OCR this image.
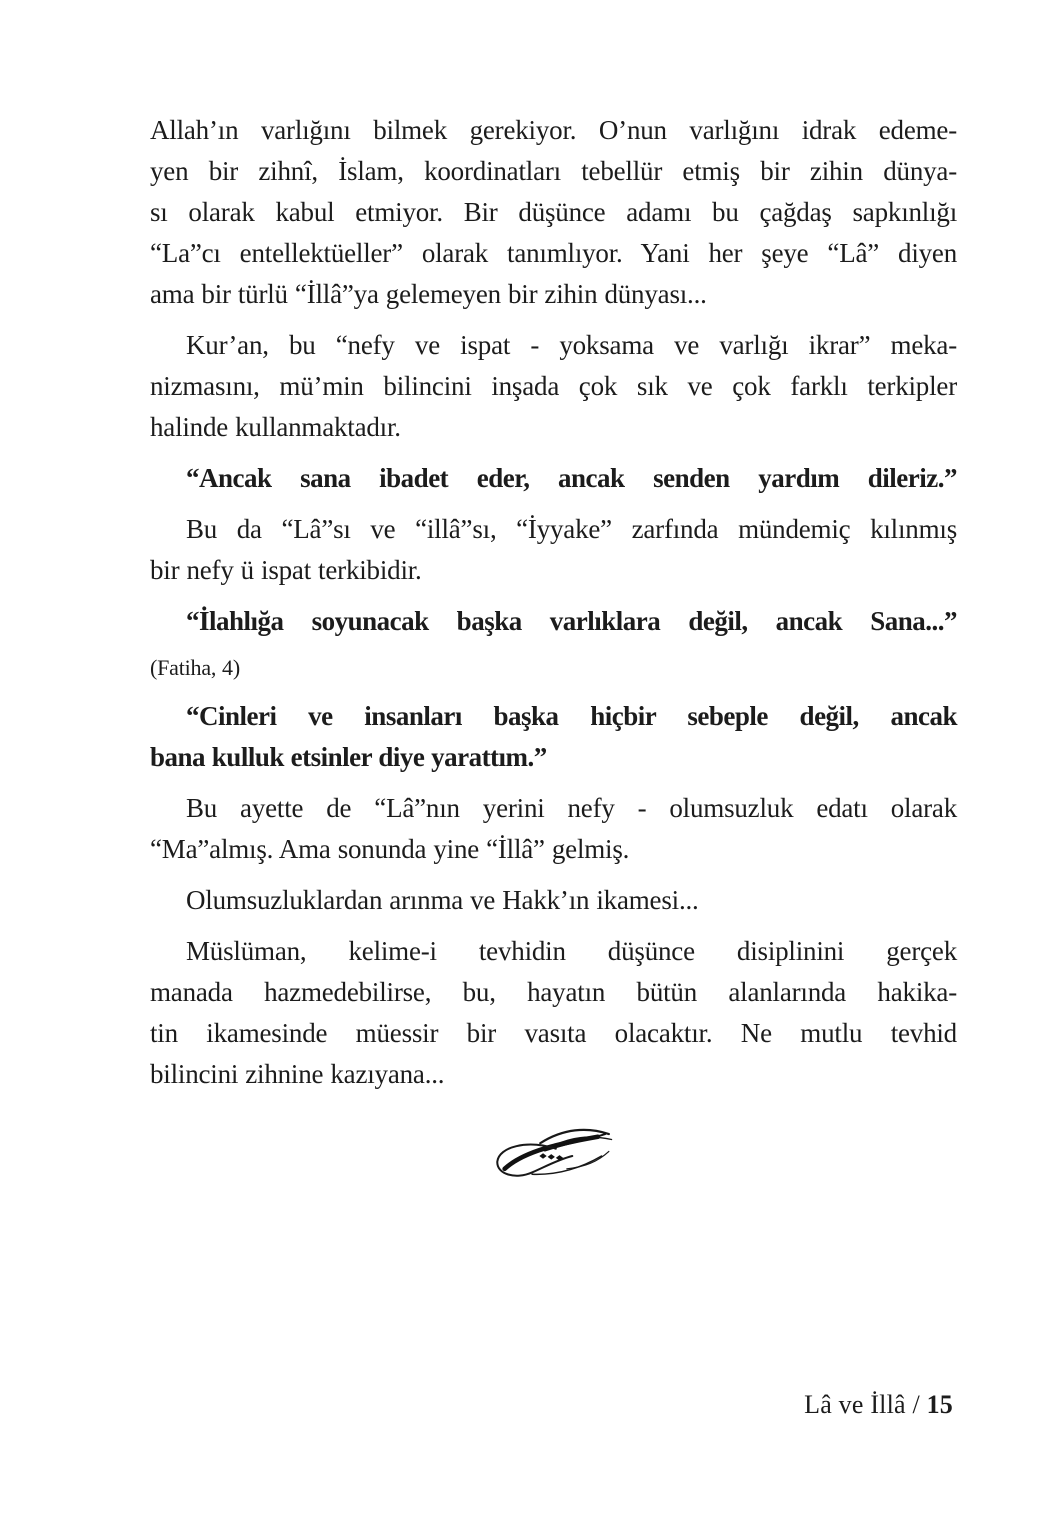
Allah’ın varlığını bilmek gerekiyor. O’nun varlığını idrak edeme-
yen bir zihnî, İslam, koordinatları tebellür etmiş bir zihin dünya-
sı olarak kabul etmiyor. Bir düşünce adamı bu çağdaş sapkınlığı
“La”cı entellektüeller” olarak tanımlıyor. Yani her şeye “Lâ” diyen
ama bir türlü “İllâ”ya gelemeyen bir zihin dünyası...
Kur’an, bu “nefy ve ispat - yoksama ve varlığı ikrar” meka-
nizmasını, mü’min bilincini inşada çok sık ve çok farklı terkipler
halinde kullanmaktadır.
“Ancak sana ibadet eder, ancak senden yardım dileriz.”
Bu da “Lâ”sı ve “illâ”sı, “İyyake” zarfında mündemiç kılınmış
bir nefy ü ispat terkibidir.
“İlahlığa soyunacak başka varlıklara değil, ancak Sana...”
(Fatiha, 4)
“Cinleri ve insanları başka hiçbir sebeple değil, ancak
bana kulluk etsinler diye yarattım.”
Bu ayette de “Lâ”nın yerini nefy - olumsuzluk edatı olarak
“Ma”almış. Ama sonunda yine “İllâ” gelmiş.
Olumsuzluklardan arınma ve Hakk’ın ikamesi...
Müslüman, kelime-i tevhidin düşünce disiplinini gerçek
manada hazmedebilirse, bu, hayatın bütün alanlarında hakika-
tin ikamesinde müessir bir vasıta olacaktır. Ne mutlu tevhid
bilincini zihnine kazıyana...
Lâ ve İllâ / 15
